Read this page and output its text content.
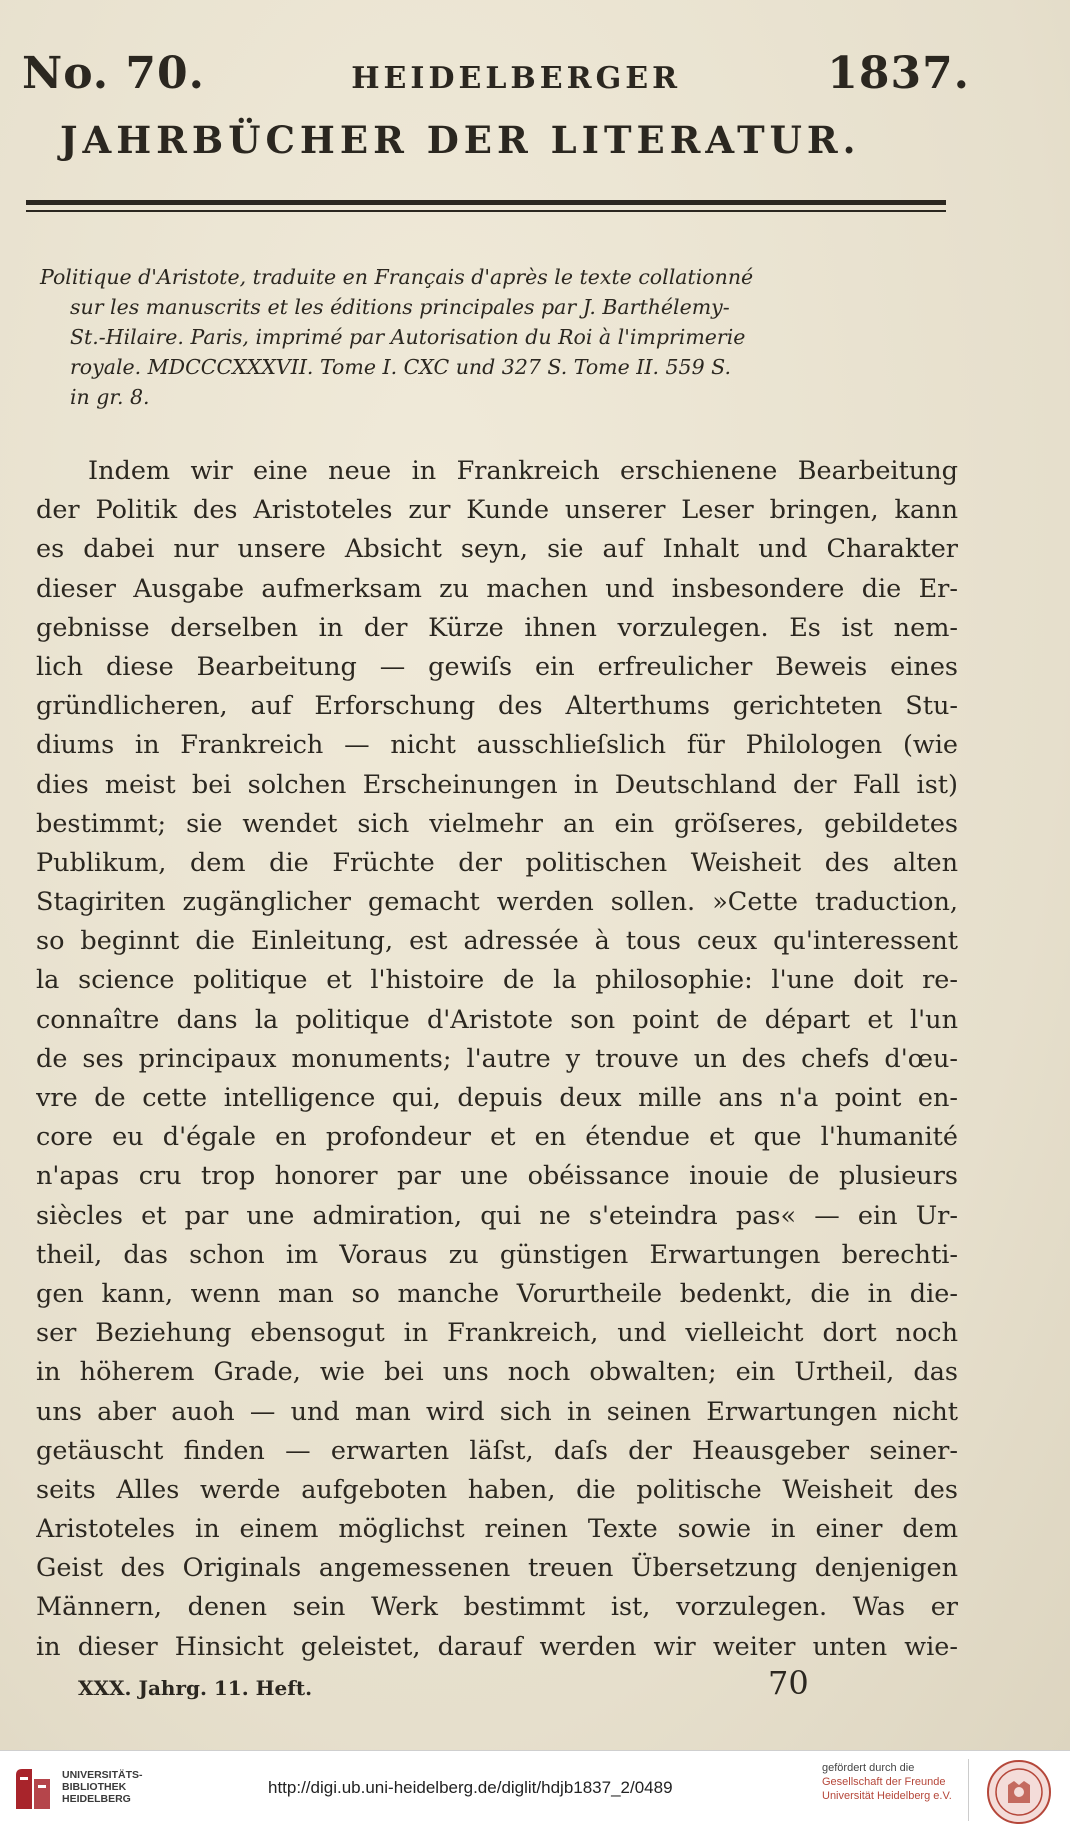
No. 70.	HEIDELBERGER	1837.
JAHRBÜCHER DER LITERATUR.
Politique d'Aristote, traduite en Français d'après le texte collationné
sur les manuscrits et les éditions principales par J. Barthélemy-
St.-Hilaire. Paris, imprimé par Autorisation du Roi à l'imprimerie
royale. MDCCCXXXVII. Tome I. CXC und 327 S. Tome II. 559 S.
in gr. 8.
Indem wir eine neue in Frankreich erschienene Bearbeitung
der Politik des Aristoteles zur Kunde unserer Leser bringen, kann
es dabei nur unsere Absicht seyn, sie auf Inhalt und Charakter
dieser Ausgabe aufmerksam zu machen und insbesondere die Er-
gebnisse derselben in der Kürze ihnen vorzulegen. Es ist nem-
lich diese Bearbeitung — gewiſs ein erfreulicher Beweis eines
gründlicheren, auf Erforschung des Alterthums gerichteten Stu-
diums in Frankreich — nicht ausschlieſslich für Philologen (wie
dies meist bei solchen Erscheinungen in Deutschland der Fall ist)
bestimmt; sie wendet sich vielmehr an ein gröſseres, gebildetes
Publikum, dem die Früchte der politischen Weisheit des alten
Stagiriten zugänglicher gemacht werden sollen. »Cette traduction,
so beginnt die Einleitung, est adressée à tous ceux qu'interessent
la science politique et l'histoire de la philosophie: l'une doit re-
connaître dans la politique d'Aristote son point de départ et l'un
de ses principaux monuments; l'autre y trouve un des chefs d'œu-
vre de cette intelligence qui, depuis deux mille ans n'a point en-
core eu d'égale en profondeur et en étendue et que l'humanité
n'apas cru trop honorer par une obéissance inouie de plusieurs
siècles et par une admiration, qui ne s'eteindra pas« — ein Ur-
theil, das schon im Voraus zu günstigen Erwartungen berechti-
gen kann, wenn man so manche Vorurtheile bedenkt, die in die-
ser Beziehung ebensogut in Frankreich, und vielleicht dort noch
in höherem Grade, wie bei uns noch obwalten; ein Urtheil, das
uns aber auoh — und man wird sich in seinen Erwartungen nicht
getäuscht finden — erwarten läſst, daſs der Heausgeber seiner-
seits Alles werde aufgeboten haben, die politische Weisheit des
Aristoteles in einem möglichst reinen Texte sowie in einer dem
Geist des Originals angemessenen treuen Übersetzung denjenigen
Männern, denen sein Werk bestimmt ist, vorzulegen. Was er
in dieser Hinsicht geleistet, darauf werden wir weiter unten wie-
XXX. Jahrg. 11. Heft.	70
UNIVERSITÄTS-
BIBLIOTHEK
HEIDELBERG
http://digi.ub.uni-heidelberg.de/diglit/hdjb1837_2/0489
gefördert durch die
Gesellschaft der Freunde
Universität Heidelberg e.V.
